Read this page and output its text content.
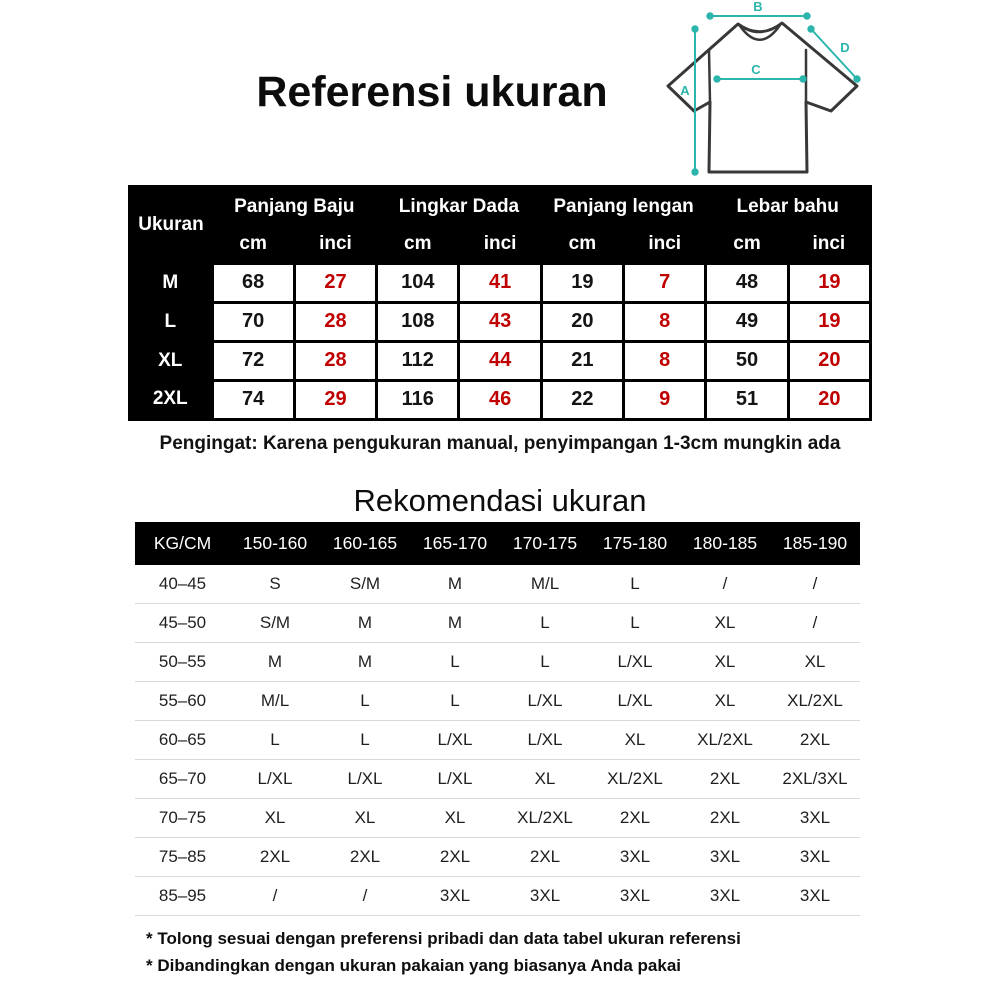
Referensi ukuran
B
A
C
D
Ukuran	Panjang Baju		Lingkar Dada		Panjang lengan		Lebar bahu	
	cm	inci	cm	inci	cm	inci	cm	inci
M	68	27	104	41	19	7	48	19
L	70	28	108	43	20	8	49	19
XL	72	28	112	44	21	8	50	20
2XL	74	29	116	46	22	9	51	20
Pengingat: Karena pengukuran manual, penyimpangan 1-3cm mungkin ada
Rekomendasi ukuran
KG/CM	150-160	160-165	165-170	170-175	175-180	180-185	185-190
40–45	S	S/M	M	M/L	L	/	/
45–50	S/M	M	M	L	L	XL	/
50–55	M	M	L	L	L/XL	XL	XL
55–60	M/L	L	L	L/XL	L/XL	XL	XL/2XL
60–65	L	L	L/XL	L/XL	XL	XL/2XL	2XL
65–70	L/XL	L/XL	L/XL	XL	XL/2XL	2XL	2XL/3XL
70–75	XL	XL	XL	XL/2XL	2XL	2XL	3XL
75–85	2XL	2XL	2XL	2XL	3XL	3XL	3XL
85–95	/	/	3XL	3XL	3XL	3XL	3XL
* Tolong sesuai dengan preferensi pribadi dan data tabel ukuran referensi
* Dibandingkan dengan ukuran pakaian yang biasanya Anda pakai
